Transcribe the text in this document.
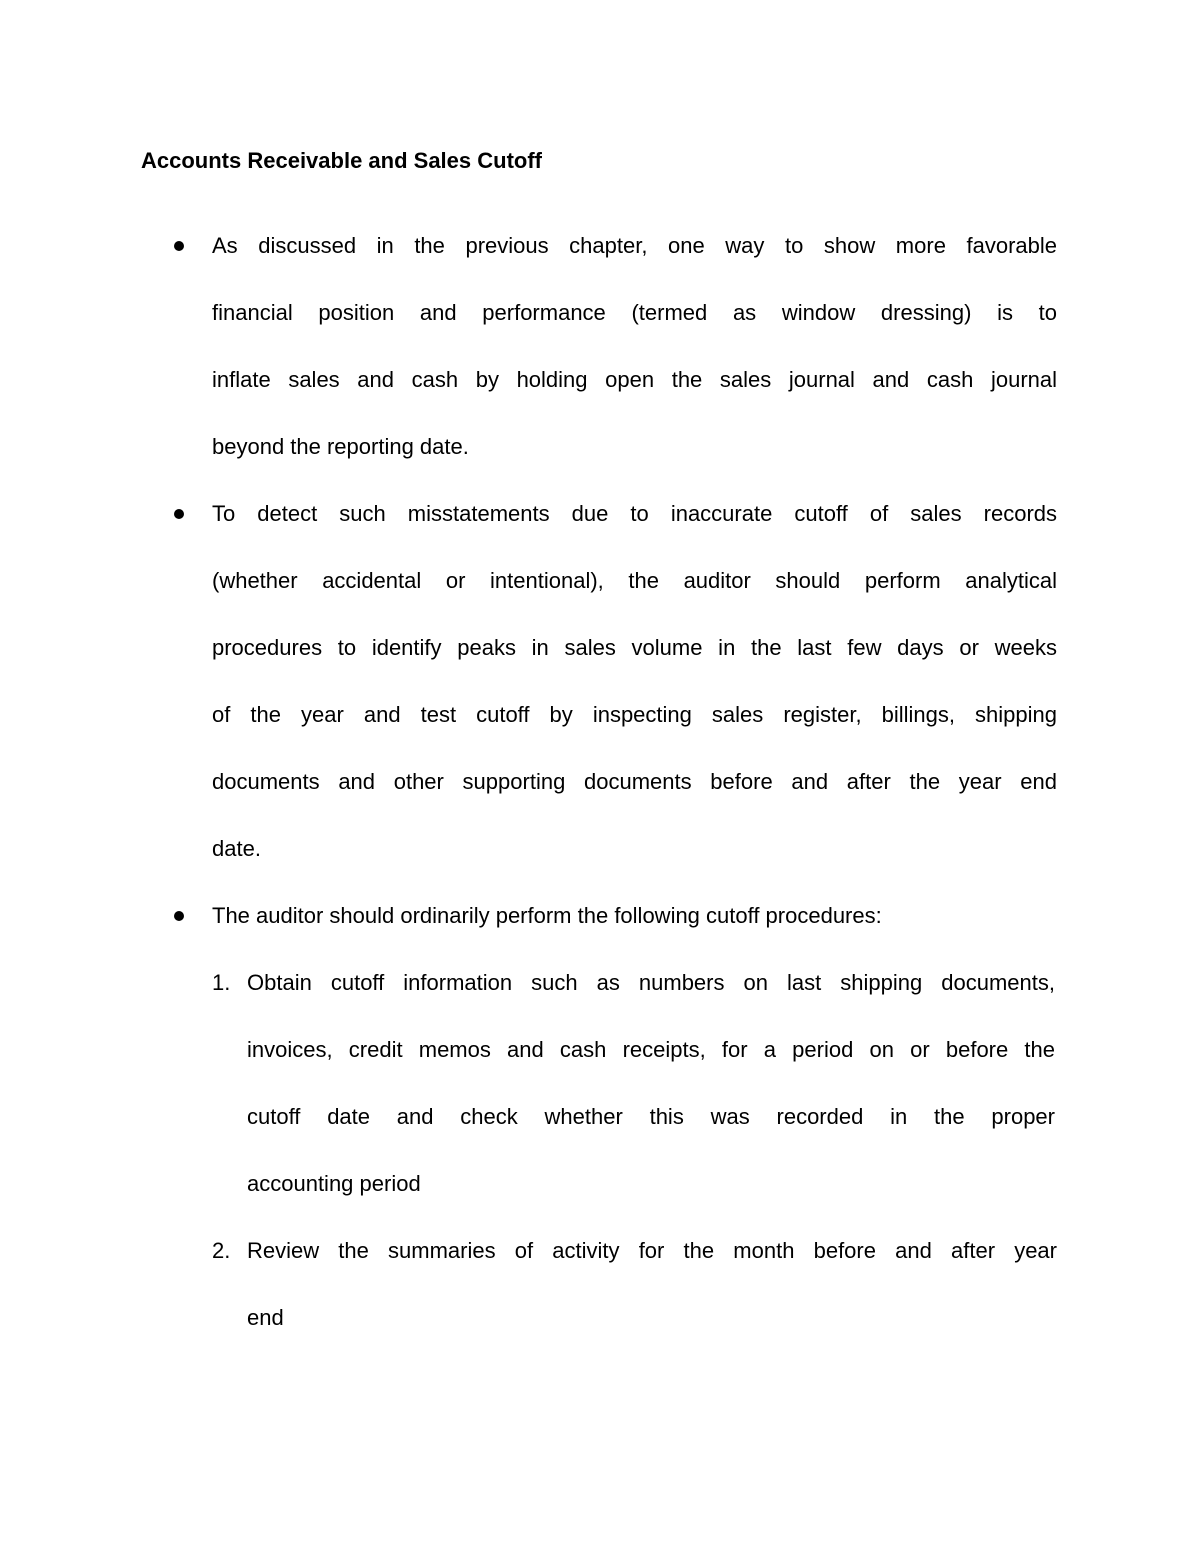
Accounts Receivable and Sales Cutoff
As discussed in the previous chapter, one way to show more favorable
financial position and performance (termed as window dressing) is to
inflate sales and cash by holding open the sales journal and cash journal
beyond the reporting date.
To detect such misstatements due to inaccurate cutoff of sales records
(whether accidental or intentional), the auditor should perform analytical
procedures to identify peaks in sales volume in the last few days or weeks
of the year and test cutoff by inspecting sales register, billings, shipping
documents and other supporting documents before and after the year end
date.
The auditor should ordinarily perform the following cutoff procedures:
1. Obtain cutoff information such as numbers on last shipping documents,
invoices, credit memos and cash receipts, for a period on or before the
cutoff date and check whether this was recorded in the proper
accounting period
2. Review the summaries of activity for the month before and after year
end
